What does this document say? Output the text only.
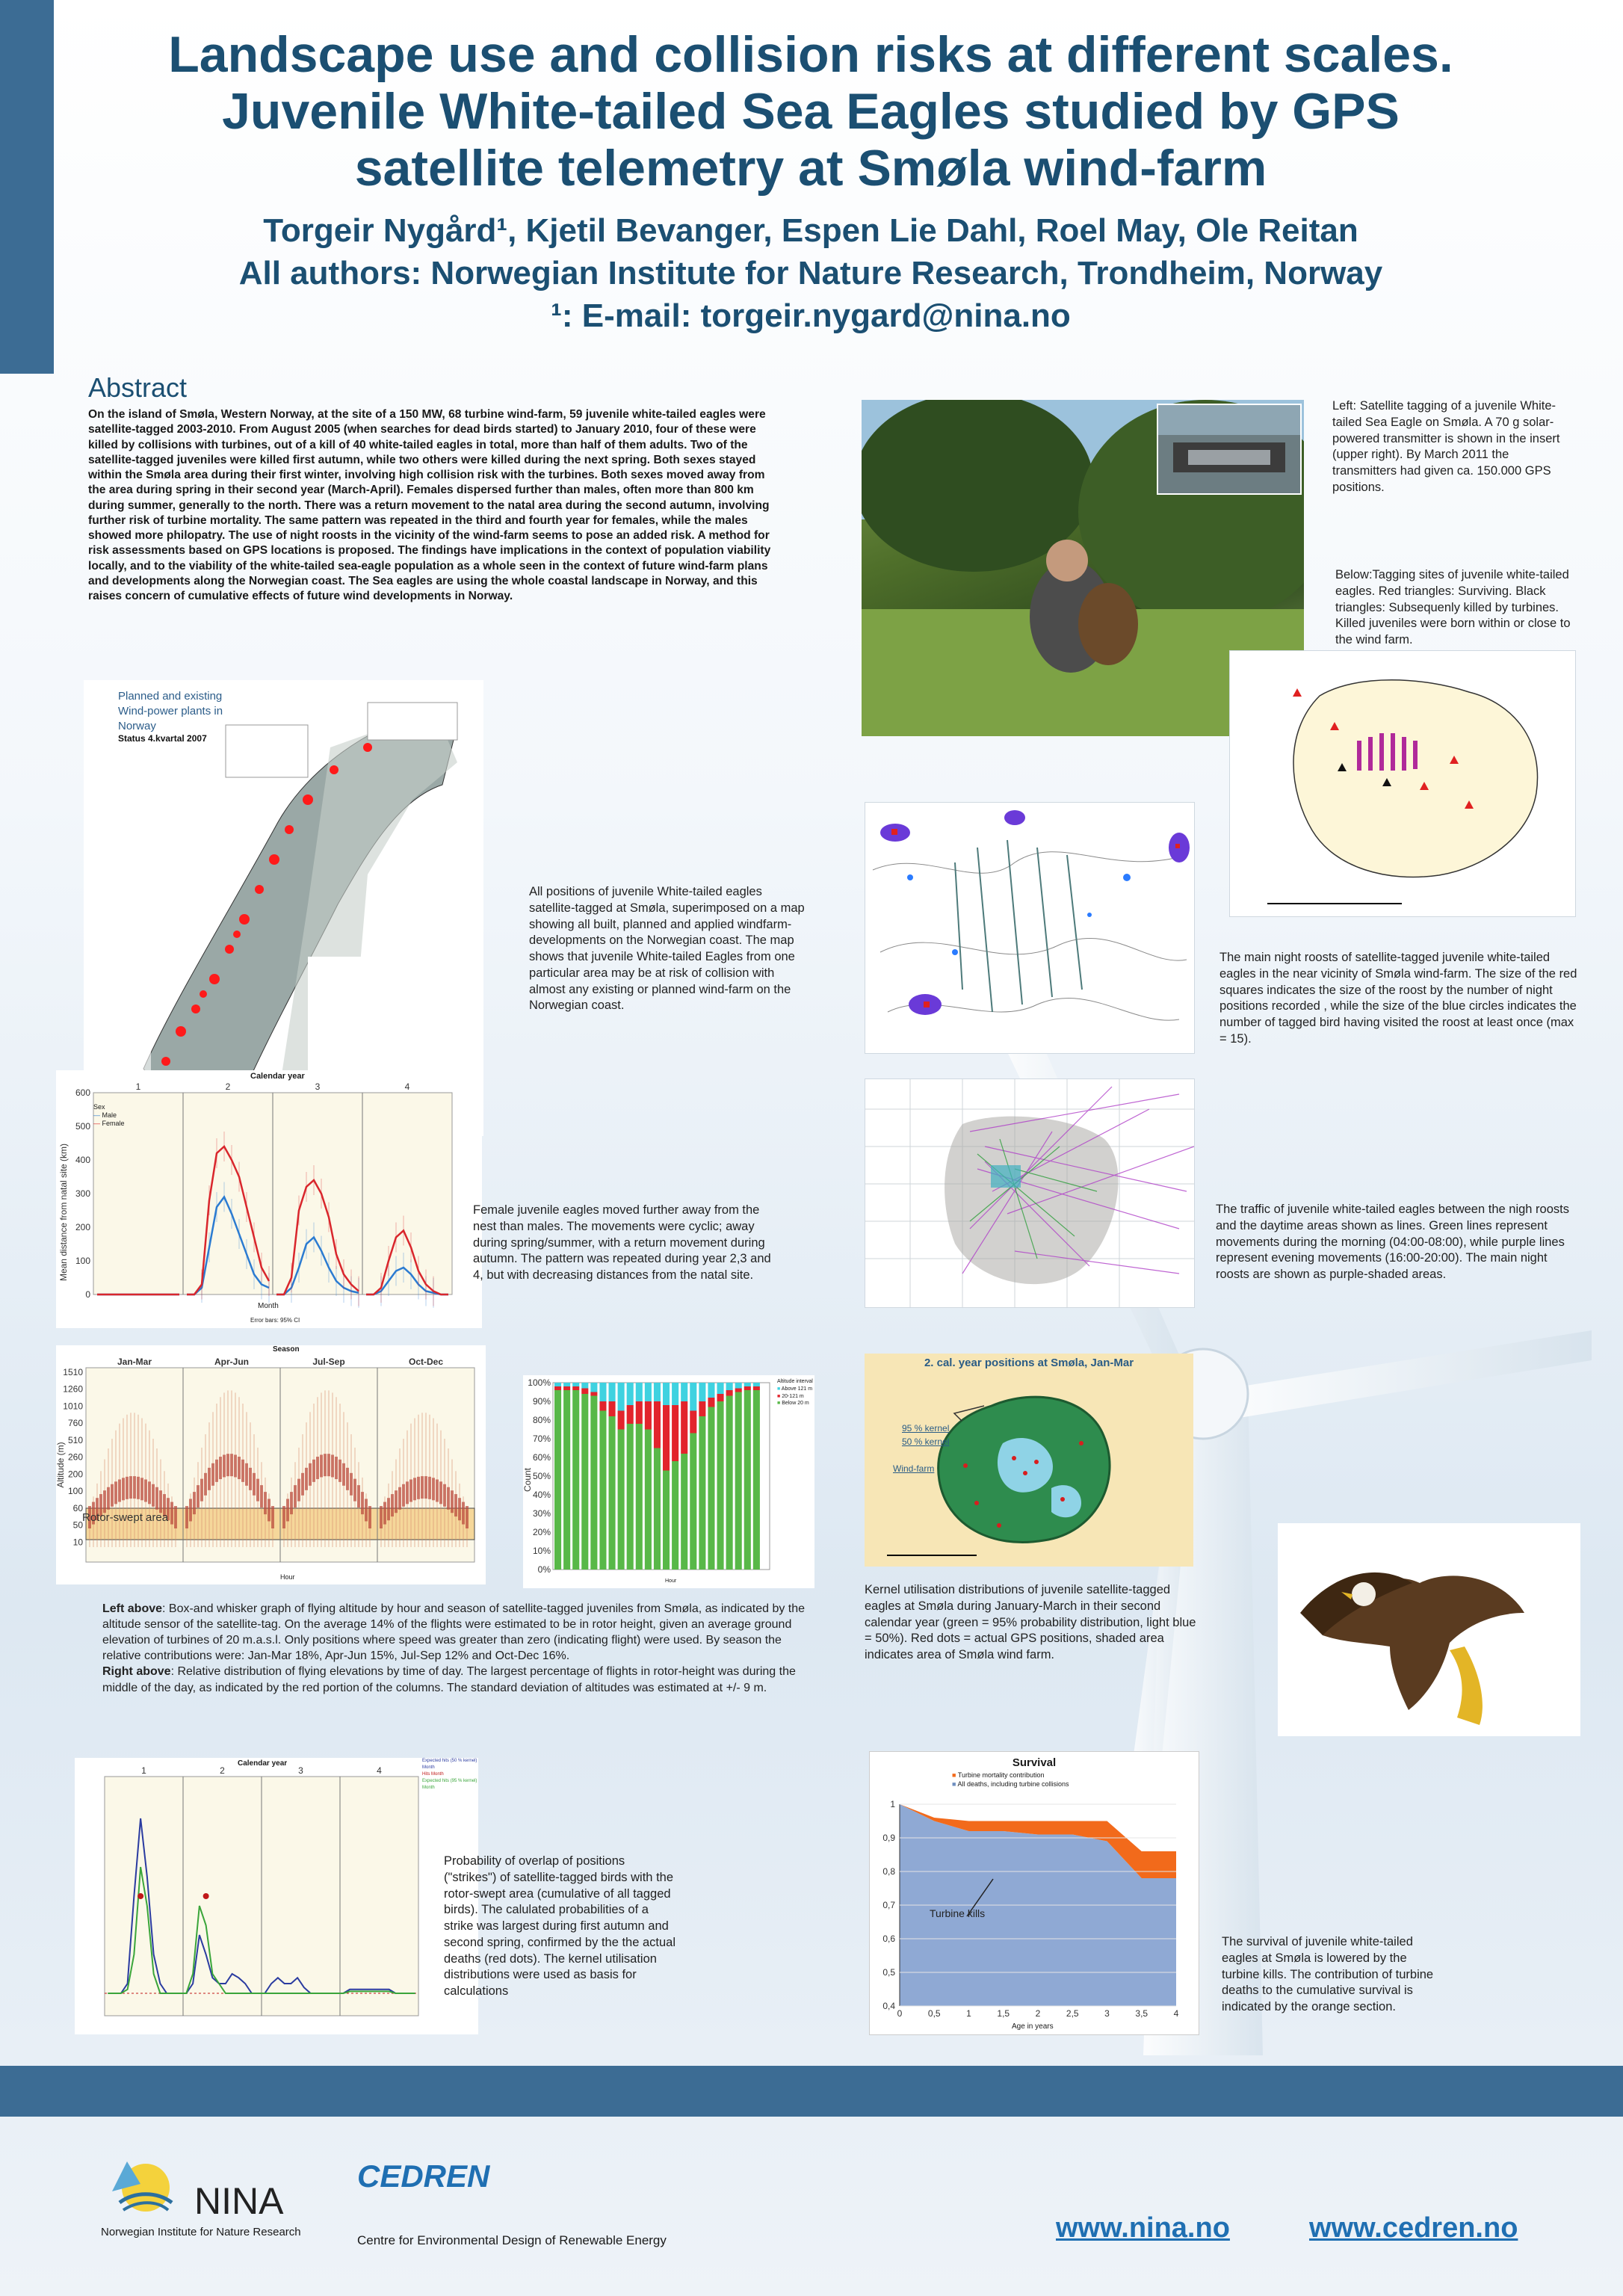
Landscape use and collision risks at different scales.
Juvenile White-tailed Sea Eagles studied by GPS
satellite telemetry at Smøla wind-farm
Torgeir Nygård¹, Kjetil Bevanger, Espen Lie Dahl, Roel May, Ole Reitan
All authors: Norwegian Institute for Nature Research, Trondheim, Norway
¹: E-mail: torgeir.nygard@nina.no
Abstract
On the island of Smøla, Western Norway, at the site of a 150 MW, 68 turbine wind-farm, 59 juvenile white-tailed eagles were satellite-tagged 2003-2010. From August 2005 (when searches for dead birds started) to January 2010, four of these were killed by collisions with turbines, out of a kill of 40 white-tailed eagles in total, more than half of them adults. Two of the satellite-tagged juveniles were killed first autumn, while two others were killed during the next spring. Both sexes stayed within the Smøla area during their first winter, involving high collision risk with the turbines. Both sexes moved away from the area during spring in their second year (March-April). Females dispersed further than males, often more than 800 km during summer, generally to the north. There was a return movement to the natal area during the second autumn, involving further risk of turbine mortality. The same pattern was repeated in the third and fourth year for females, while the males showed more philopatry. The use of night roosts in the vicinity of the wind-farm seems to pose an added risk. A method for risk assessments based on GPS locations is proposed. The findings have implications in the context of population viability locally, and to the viability of the white-tailed sea-eagle population as a whole seen in the context of future wind-farm plans and developments along the Norwegian coast. The Sea eagles are using the whole coastal landscape in Norway, and this raises concern of cumulative effects of future wind developments in Norway.
Left: Satellite tagging of a juvenile White-tailed Sea Eagle on Smøla. A 70 g solar-powered transmitter is shown in the insert (upper right). By March 2011 the transmitters had given ca. 150.000 GPS positions.
Below:Tagging sites of juvenile white-tailed eagles. Red triangles: Surviving. Black triangles: Subsequenly killed by turbines. Killed juveniles were born within or close to the wind farm.
Planned and existing
Wind-power plants in
Norway
Status 4.kvartal 2007
All positions of juvenile White-tailed eagles satellite-tagged at Smøla, superimposed on a map showing all built, planned and applied windfarm-developments on the Norwegian coast. The map shows that juvenile White-tailed Eagles from one particular area may be at risk of collision with almost any existing or planned wind-farm on the Norwegian coast.
The main night roosts of satellite-tagged juvenile white-tailed eagles in the near vicinity of Smøla wind-farm. The size of the red squares indicates the size of the roost by the number of night positions recorded , while the size of the blue circles indicates the number of tagged bird having visited the roost at least once (max = 15).
The traffic of juvenile white-tailed eagles between the nigh roosts and the daytime areas shown as lines. Green lines represent movements during the morning (04:00-08:00), while purple lines represent evening movements (16:00-20:00). The main night roosts are shown as purple-shaded areas.
Calendar year
1	2	3	4
600
500
400
300
200
100
0
Mean distance from natal site (km)
Month
Error bars: 95% CI
Sex
― Male
― Female
Female juvenile eagles moved further away from the nest than males. The movements were cyclic; away during spring/summer, with a return movement during autumn. The pattern was repeated during year 2,3 and 4, but with decreasing distances from the natal site.
Season
Jan-Mar	Apr-Jun	Jul-Sep	Oct-Dec
1510
1260
1010
760
510
260
200
100
60
50
10
Altitude (m)
Rotor-swept area
Hour
100%
90%
80%
70%
60%
50%
40%
30%
20%
10%
0%
Count
Altitude interval
■ Above 121 m
■ 20-121 m
■ Below 20 m
Hour
Left above: Box-and whisker graph of flying altitude by hour and season of satellite-tagged juveniles from Smøla, as indicated by the altitude sensor of the satellite-tag. On the average 14% of the flights were estimated to be in rotor height, given an average ground elevation of turbines of 20 m.a.s.l. Only positions where speed was greater than zero (indicating flight) were used. By season the relative contributions were: Jan-Mar 18%, Apr-Jun 15%, Jul-Sep 12% and Oct-Dec 16%.
Right above: Relative distribution of flying elevations by time of day. The largest percentage of flights in rotor-height was during the middle of the day, as indicated by the red portion of the columns. The standard deviation of altitudes was estimated at +/- 9 m.
2. cal. year positions at Smøla, Jan-Mar
95 % kernel
50 % kernel
Wind-farm
Kernel utilisation distributions of juvenile satellite-tagged eagles at Smøla during January-March in their second calendar year (green = 95% probability distribution, light blue = 50%). Red dots = actual GPS positions, shaded area indicates area of Smøla wind farm.
Calendar year
1	2	3	4
Expected hits (50 % kernel) Month
Hits Month
Expected hits (95 % kernel) Month
Probability of overlap of positions ("strikes") of satellite-tagged birds with the rotor-swept area (cumulative of all tagged birds). The calulated probabilities of a strike was largest during first autumn and second spring, confirmed by the the actual deaths (red dots). The kernel utilisation distributions were used as basis for calculations
Survival
■ Turbine mortality contribution
■ All deaths, including turbine collisions
1
0,9
0,8
0,7
0,6
0,5
0,4
0	0,5	1	1,5	2	2,5	3	3,5	4
Turbine kills
Age in years
The survival of juvenile white-tailed eagles at Smøla is lowered by the turbine kills. The contribution of turbine deaths to the cumulative survival is indicated by the orange section.
NINA
Norwegian Institute for Nature Research
CEDREN
Centre for Environmental Design of Renewable Energy	www.nina.no	www.cedren.no
